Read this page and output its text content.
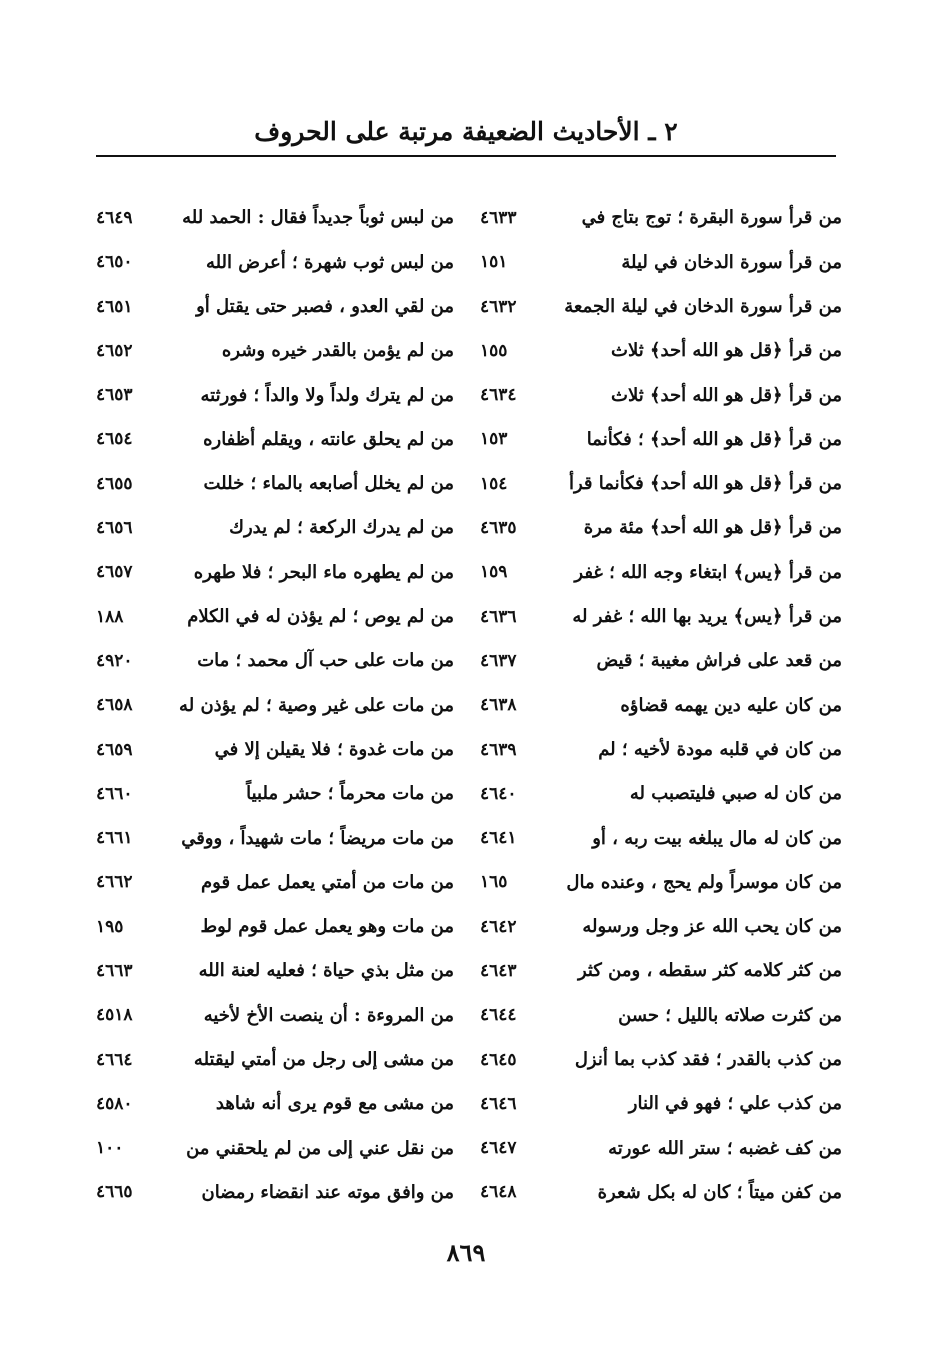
٢ ـ الأحاديث الضعيفة مرتبة على الحروف
من قرأ سورة البقرة ؛ توج بتاج في
٤٦٣٣
من قرأ سورة الدخان في ليلة
١٥١
من قرأ سورة الدخان في ليلة الجمعة
٤٦٣٢
من قرأ ﴿قل هو الله أحد﴾ ثلاث
١٥٥
من قرأ ﴿قل هو الله أحد﴾ ثلاث
٤٦٣٤
من قرأ ﴿قل هو الله أحد﴾ ؛ فكأنما
١٥٣
من قرأ ﴿قل هو الله أحد﴾ فكأنما قرأ
١٥٤
من قرأ ﴿قل هو الله أحد﴾ مئة مرة
٤٦٣٥
من قرأ ﴿يس﴾ ابتغاء وجه الله ؛ غفر
١٥٩
من قرأ ﴿يس﴾ يريد بها الله ؛ غفر له
٤٦٣٦
من قعد على فراش مغيبة ؛ قيض
٤٦٣٧
من كان عليه دين يهمه قضاؤه
٤٦٣٨
من كان في قلبه مودة لأخيه ؛ لم
٤٦٣٩
من كان له صبي فليتصبب له
٤٦٤٠
من كان له مال يبلغه بيت ربه ، أو
٤٦٤١
من كان موسراً ولم يحج ، وعنده مال
١٦٥
من كان يحب الله عز وجل ورسوله
٤٦٤٢
من كثر كلامه كثر سقطه ، ومن كثر
٤٦٤٣
من كثرت صلاته بالليل ؛ حسن
٤٦٤٤
من كذب بالقدر ؛ فقد كذب بما أنزل
٤٦٤٥
من كذب علي ؛ فهو في النار
٤٦٤٦
من كف غضبه ؛ ستر الله عورته
٤٦٤٧
من كفن ميتاً ؛ كان له بكل شعرة
٤٦٤٨
من لبس ثوباً جديداً فقال : الحمد لله
٤٦٤٩
من لبس ثوب شهرة ؛ أعرض الله
٤٦٥٠
من لقي العدو ، فصبر حتى يقتل أو
٤٦٥١
من لم يؤمن بالقدر خيره وشره
٤٦٥٢
من لم يترك ولداً ولا والداً ؛ فورثته
٤٦٥٣
من لم يحلق عانته ، ويقلم أظفاره
٤٦٥٤
من لم يخلل أصابعه بالماء ؛ خللت
٤٦٥٥
من لم يدرك الركعة ؛ لم يدرك
٤٦٥٦
من لم يطهره ماء البحر ؛ فلا طهره
٤٦٥٧
من لم يوص ؛ لم يؤذن له في الكلام
١٨٨
من مات على حب آل محمد ؛ مات
٤٩٢٠
من مات على غير وصية ؛ لم يؤذن له
٤٦٥٨
من مات غدوة ؛ فلا يقيلن إلا في
٤٦٥٩
من مات محرماً ؛ حشر ملبياً
٤٦٦٠
من مات مريضاً ؛ مات شهيداً ، ووقي
٤٦٦١
من مات من أمتي يعمل عمل قوم
٤٦٦٢
من مات وهو يعمل عمل قوم لوط
١٩٥
من مثل بذي حياة ؛ فعليه لعنة الله
٤٦٦٣
من المروءة : أن ينصت الأخ لأخيه
٤٥١٨
من مشى إلى رجل من أمتي ليقتله
٤٦٦٤
من مشى مع قوم يرى أنه شاهد
٤٥٨٠
من نقل عني إلى من لم يلحقني من
١٠٠
من وافق موته عند انقضاء رمضان
٤٦٦٥
٨٦٩
